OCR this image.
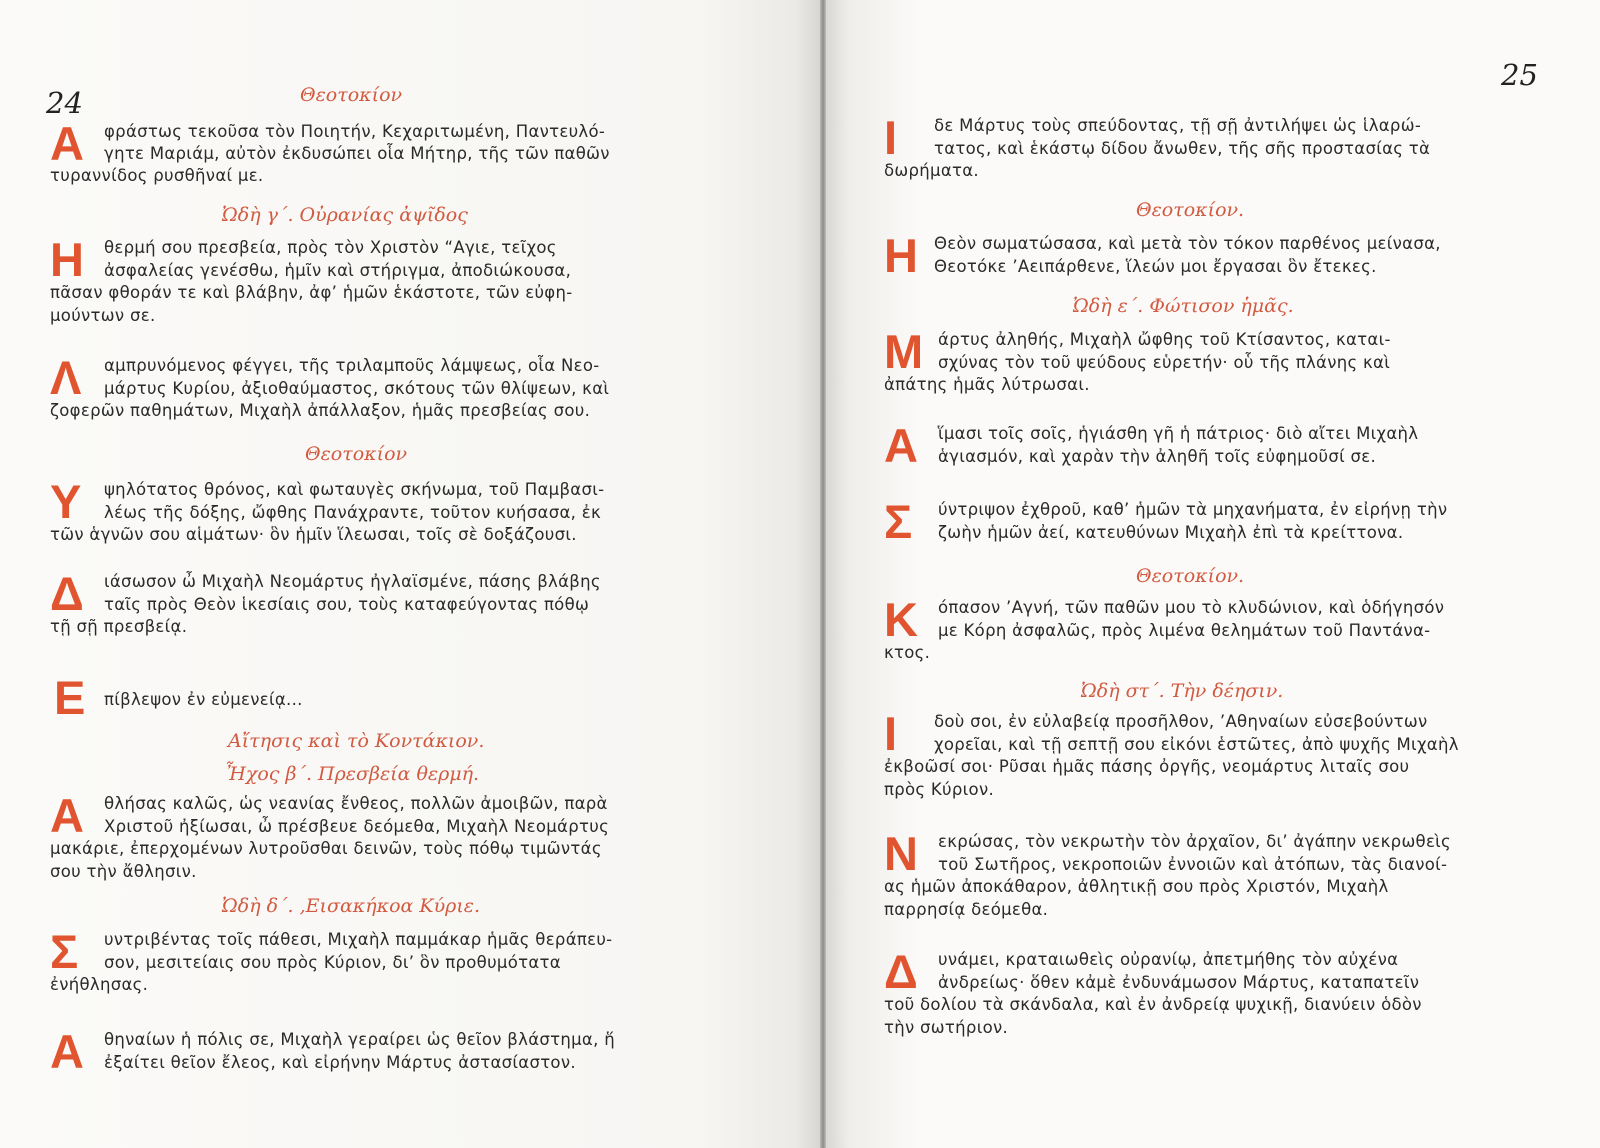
24	Θεοτοκίον
Α φράστως τεκοῦσα τὸν Ποιητήν, Κεχαριτωμένη, Παντευλό-
γητε Μαριάμ, αὐτὸν ἐκδυσώπει οἷα Μήτηρ, τῆς τῶν παθῶν
τυραννίδος ρυσθῆναί με.
Ὠδὴ γ΄. Οὐρανίας ἀψῖδος
Η θερμή σου πρεσβεία, πρὸς τὸν Χριστὸν “Αγιε, τεῖχος
ἀσφαλείας γενέσθω, ἡμῖν καὶ στήριγμα, ἀποδιώκουσα,
πᾶσαν φθοράν τε καὶ βλάβην, ἀφ’ ἡμῶν ἑκάστοτε, τῶν εὐφη-
μούντων σε.
Λ αμπρυνόμενος φέγγει, τῆς τριλαμποῦς λάμψεως, οἷα Νεο-
μάρτυς Κυρίου, ἀξιοθαύμαστος, σκότους τῶν θλίψεων, καὶ
ζοφερῶν παθημάτων, Μιχαὴλ ἀπάλλαξον, ἡμᾶς πρεσβείας σου.
Θεοτοκίον
Υ ψηλότατος θρόνος, καὶ φωταυγὲς σκήνωμα, τοῦ Παμβασι-
λέως τῆς δόξης, ὤφθης Πανάχραντε, τοῦτον κυήσασα, ἐκ
τῶν ἁγνῶν σου αἱμάτων· ὃν ἡμῖν ἵλεωσαι, τοῖς σὲ δοξάζουσι.
Δ ιάσωσον ὦ Μιχαὴλ Νεομάρτυς ἠγλαϊσμένε, πάσης βλάβης
ταῖς πρὸς Θεὸν ἱκεσίαις σου, τοὺς καταφεύγοντας πόθῳ
τῇ σῇ πρεσβείᾳ.
Ε πίβλεψον ἐν εὐμενείᾳ...
Αἴτησις καὶ τὸ Κοντάκιον.
Ἦχος β΄. Πρεσβεία θερμή.
Α θλήσας καλῶς, ὡς νεανίας ἔνθεος, πολλῶν ἀμοιβῶν, παρὰ
Χριστοῦ ἠξίωσαι, ὦ πρέσβευε δεόμεθα, Μιχαὴλ Νεομάρτυς
μακάριε, ἐπερχομένων λυτροῦσθαι δεινῶν, τοὺς πόθῳ τιμῶντάς
σου τὴν ἄθλησιν.
Ὠδὴ δ΄. ,Εισακήκοα Κύριε.
Σ υντριβέντας τοῖς πάθεσι, Μιχαὴλ παμμάκαρ ἡμᾶς θεράπευ-
σον, μεσιτείαις σου πρὸς Κύριον, δι’ ὃν προθυμότατα
ἐνήθλησας.
Α θηναίων ἡ πόλις σε, Μιχαὴλ γεραίρει ὡς θεῖον βλάστημα, ἥ
ἐξαίτει θεῖον ἔλεος, καὶ εἰρήνην Μάρτυς ἀστασίαστον.
25
Ι δε Μάρτυς τοὺς σπεύδοντας, τῇ σῇ ἀντιλήψει ὡς ἱλαρώ-
τατος, καὶ ἑκάστῳ δίδου ἄνωθεν, τῆς σῆς προστασίας τὰ
δωρήματα.
Θεοτοκίον.
Η Θεὸν σωματώσασα, καὶ μετὰ τὸν τόκον παρθένος μείνασα,
Θεοτόκε ’Αειπάρθενε, ἵλεών μοι ἔργασαι ὃν ἔτεκες.
Ὠδὴ ε΄. Φώτισον ἡμᾶς.
Μ άρτυς ἀληθής, Μιχαὴλ ὤφθης τοῦ Κτίσαντος, καται-
σχύνας τὸν τοῦ ψεύδους εὑρετήν· οὗ τῆς πλάνης καὶ
ἀπάτης ἡμᾶς λύτρωσαι.
Α ἵμασι τοῖς σοῖς, ἡγιάσθη γῆ ἡ πάτριος· διὸ αἴτει Μιχαὴλ
ἁγιασμόν, καὶ χαρὰν τὴν ἀληθῆ τοῖς εὐφημοῦσί σε.
Σ ύντριψον ἐχθροῦ, καθ’ ἡμῶν τὰ μηχανήματα, ἐν εἰρήνῃ τὴν
ζωὴν ἡμῶν ἀεί, κατευθύνων Μιχαὴλ ἐπὶ τὰ κρείττονα.
Θεοτοκίον.
Κ όπασον ’Αγνή, τῶν παθῶν μου τὸ κλυδώνιον, καὶ ὁδήγησόν
με Κόρη ἀσφαλῶς, πρὸς λιμένα θελημάτων τοῦ Παντάνα-
κτος.
Ὠδὴ στ΄. Τὴν δέησιν.
Ι δοὺ σοι, ἐν εὐλαβείᾳ προσῆλθον, ’Αθηναίων εὐσεβούντων
χορεῖαι, καὶ τῇ σεπτῇ σου εἰκόνι ἑστῶτες, ἀπὸ ψυχῆς Μιχαὴλ
ἐκβοῶσί σοι· Ρῦσαι ἡμᾶς πάσης ὀργῆς, νεομάρτυς λιταῖς σου
πρὸς Κύριον.
Ν εκρώσας, τὸν νεκρωτὴν τὸν ἀρχαῖον, δι’ ἀγάπην νεκρωθεὶς
τοῦ Σωτῆρος, νεκροποιῶν ἐννοιῶν καὶ ἀτόπων, τὰς διανοί-
ας ἡμῶν ἀποκάθαρον, ἀθλητικῇ σου πρὸς Χριστόν, Μιχαὴλ
παρρησίᾳ δεόμεθα.
Δ υνάμει, κραταιωθεὶς οὐρανίῳ, ἀπετμήθης τὸν αὐχένα
ἀνδρείως· ὅθεν κἀμὲ ἐνδυνάμωσον Μάρτυς, καταπατεῖν
τοῦ δολίου τὰ σκάνδαλα, καὶ ἐν ἀνδρείᾳ ψυχικῇ, διανύειν ὁδὸν
τὴν σωτήριον.
